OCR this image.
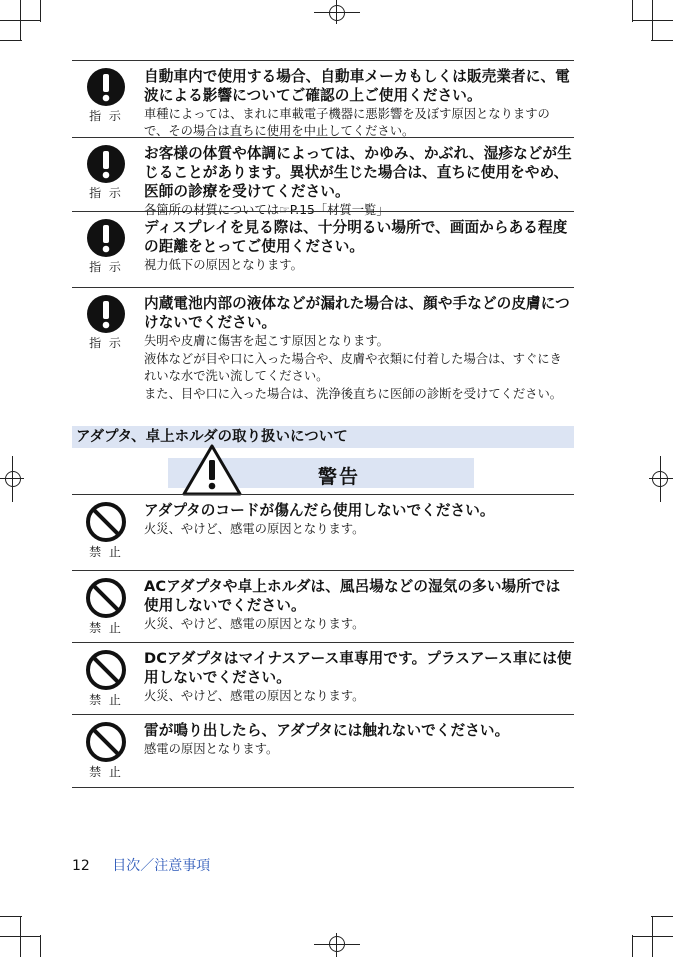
指 示
自動車内で使用する場合、自動車メーカもしくは販売業者に、電波による影響についてご確認の上ご使用ください。
車種によっては、まれに車載電子機器に悪影響を及ぼす原因となりますので、その場合は直ちに使用を中止してください。
指 示
お客様の体質や体調によっては、かゆみ、かぶれ、湿疹などが生じることがあります。異状が生じた場合は、直ちに使用をやめ、医師の診療を受けてください。
各箇所の材質については☞P.15「材質一覧」
指 示
ディスプレイを見る際は、十分明るい場所で、画面からある程度の距離をとってご使用ください。
視力低下の原因となります。
指 示
内蔵電池内部の液体などが漏れた場合は、顔や手などの皮膚につけないでください。
失明や皮膚に傷害を起こす原因となります。
液体などが目や口に入った場合や、皮膚や衣類に付着した場合は、すぐにきれいな水で洗い流してください。
また、目や口に入った場合は、洗浄後直ちに医師の診断を受けてください。
アダプタ、卓上ホルダの取り扱いについて
警告
禁 止
アダプタのコードが傷んだら使用しないでください。
火災、やけど、感電の原因となります。
禁 止
ACアダプタや卓上ホルダは、風呂場などの湿気の多い場所では使用しないでください。
火災、やけど、感電の原因となります。
禁 止
DCアダプタはマイナスアース車専用です。プラスアース車には使用しないでください。
火災、やけど、感電の原因となります。
禁 止
雷が鳴り出したら、アダプタには触れないでください。
感電の原因となります。
12 目次／注意事項
